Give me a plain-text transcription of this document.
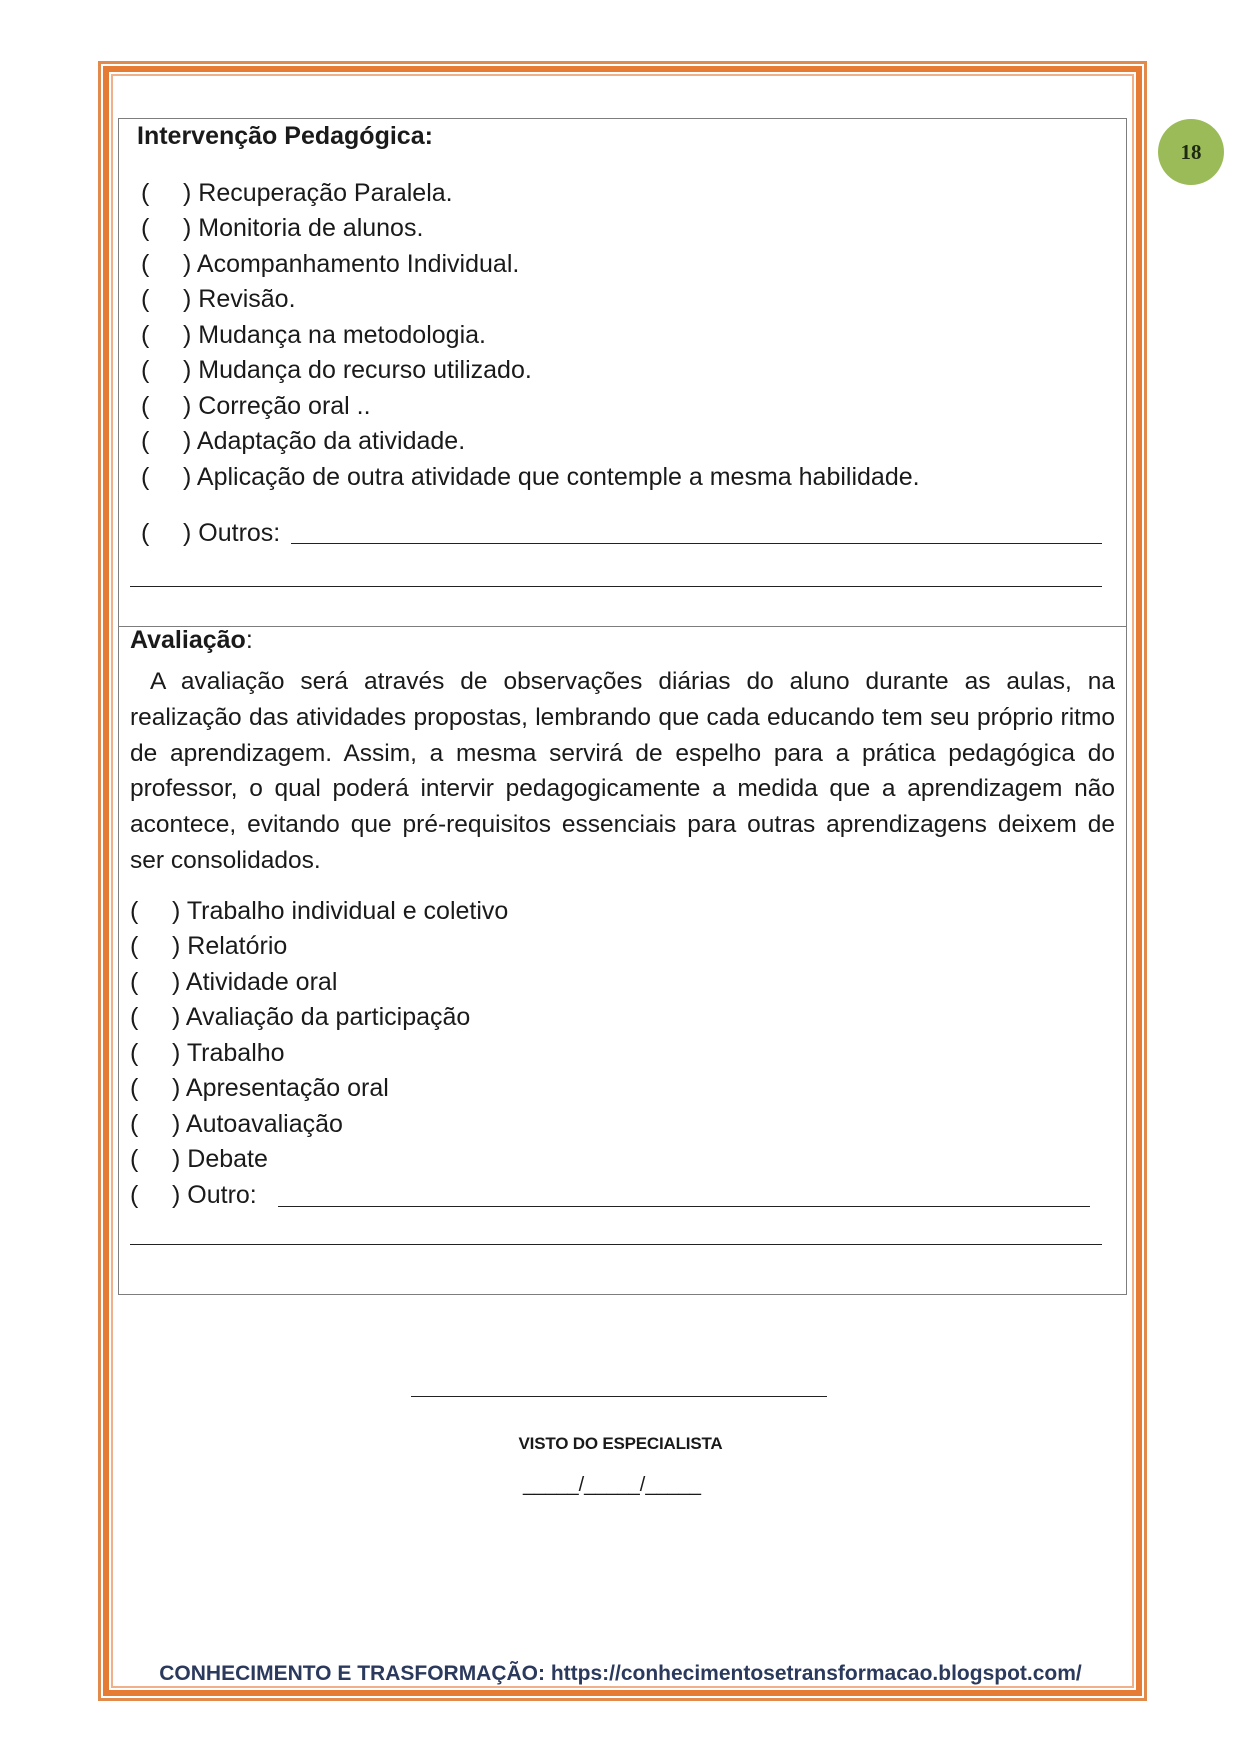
18
Intervenção Pedagógica:
( ) Recuperação Paralela.
( ) Monitoria de alunos.
( ) Acompanhamento Individual.
( ) Revisão.
( ) Mudança na metodologia.
( ) Mudança do recurso utilizado.
( ) Correção oral ..
( ) Adaptação da atividade.
( ) Aplicação de outra atividade que contemple a mesma habilidade.
( ) Outros:
Avaliação:
A avaliação será através de observações diárias do aluno durante as aulas, na realização das atividades propostas, lembrando que cada educando tem seu próprio ritmo de aprendizagem. Assim, a mesma servirá de espelho para a prática pedagógica do professor, o qual poderá intervir pedagogicamente a medida que a aprendizagem não acontece, evitando que pré-requisitos essenciais para outras aprendizagens deixem de ser consolidados.
( ) Trabalho individual e coletivo
( ) Relatório
( ) Atividade oral
( ) Avaliação da participação
( ) Trabalho
( ) Apresentação oral
( ) Autoavaliação
( ) Debate
( ) Outro:
VISTO DO ESPECIALISTA
_____/_____/_____
CONHECIMENTO E TRASFORMAÇÃO: https://conhecimentosetransformacao.blogspot.com/
